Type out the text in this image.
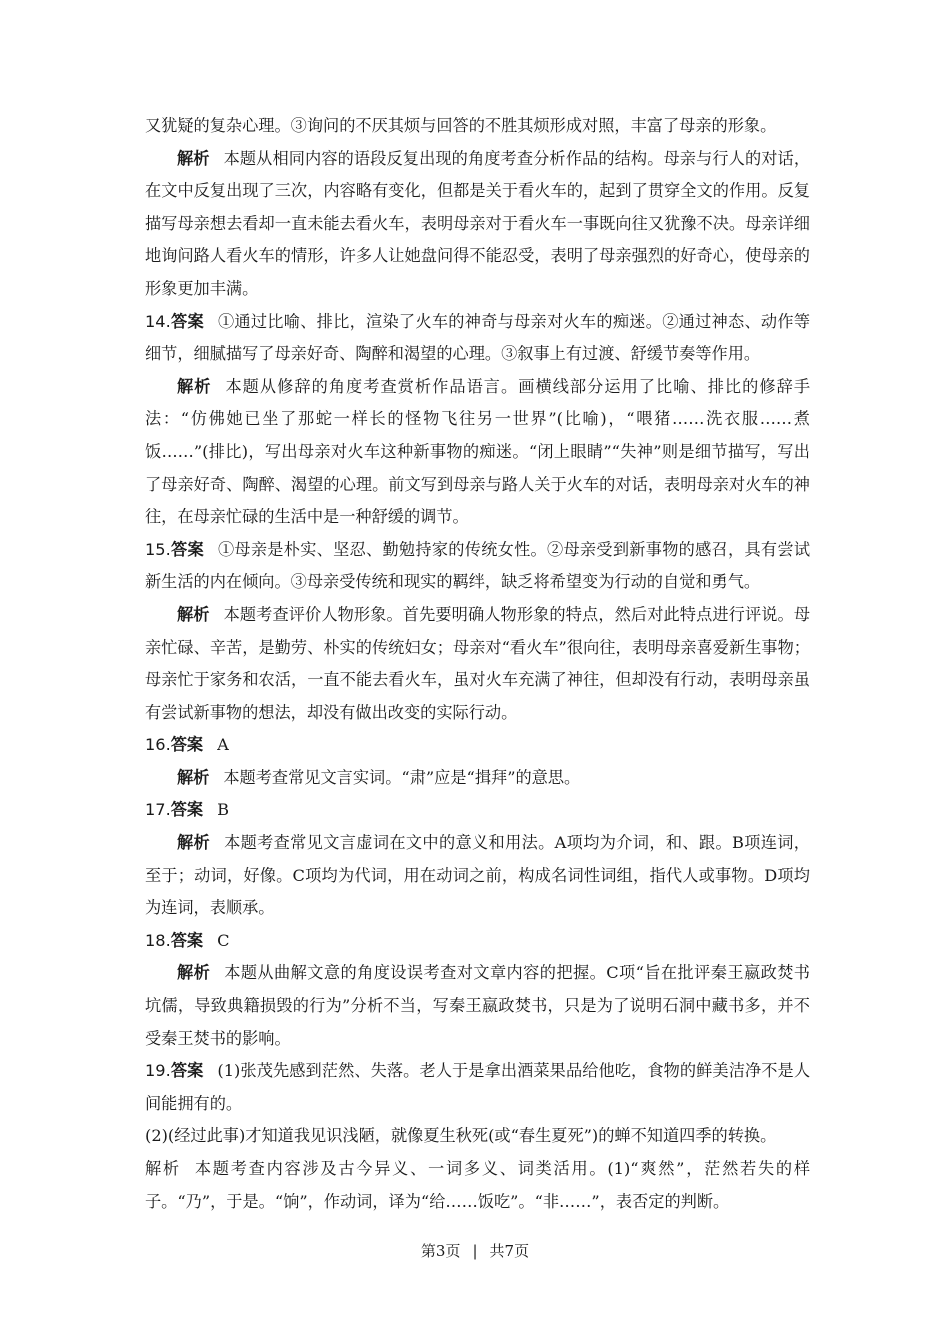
又犹疑的复杂心理。③询问的不厌其烦与回答的不胜其烦形成对照，丰富了母亲的形象。

解析 本题从相同内容的语段反复出现的角度考查分析作品的结构。母亲与行人的对话，在文中反复出现了三次，内容略有变化，但都是关于看火车的，起到了贯穿全文的作用。反复描写母亲想去看却一直未能去看火车，表明母亲对于看火车一事既向往又犹豫不决。母亲详细地询问路人看火车的情形，许多人让她盘问得不能忍受，表明了母亲强烈的好奇心，使母亲的形象更加丰满。

14.答案 ①通过比喻、排比，渲染了火车的神奇与母亲对火车的痴迷。②通过神态、动作等细节，细腻描写了母亲好奇、陶醉和渴望的心理。③叙事上有过渡、舒缓节奏等作用。

解析 本题从修辞的角度考查赏析作品语言。画横线部分运用了比喻、排比的修辞手法：“仿佛她已坐了那蛇一样长的怪物飞往另一世界”(比喻)，“喂猪……洗衣服……煮饭……”(排比)，写出母亲对火车这种新事物的痴迷。“闭上眼睛”“失神”则是细节描写，写出了母亲好奇、陶醉、渴望的心理。前文写到母亲与路人关于火车的对话，表明母亲对火车的神往，在母亲忙碌的生活中是一种舒缓的调节。

15.答案 ①母亲是朴实、坚忍、勤勉持家的传统女性。②母亲受到新事物的感召，具有尝试新生活的内在倾向。③母亲受传统和现实的羁绊，缺乏将希望变为行动的自觉和勇气。

解析 本题考查评价人物形象。首先要明确人物形象的特点，然后对此特点进行评说。母亲忙碌、辛苦，是勤劳、朴实的传统妇女；母亲对“看火车”很向往，表明母亲喜爱新生事物；母亲忙于家务和农活，一直不能去看火车，虽对火车充满了神往，但却没有行动，表明母亲虽有尝试新事物的想法，却没有做出改变的实际行动。

16.答案 A

解析 本题考查常见文言实词。“肃”应是“揖拜”的意思。

17.答案 B

解析 本题考查常见文言虚词在文中的意义和用法。A项均为介词，和、跟。B项连词，至于；动词，好像。C项均为代词，用在动词之前，构成名词性词组，指代人或事物。D项均为连词，表顺承。

18.答案 C

解析 本题从曲解文意的角度设误考查对文章内容的把握。C项“旨在批评秦王嬴政焚书坑儒，导致典籍损毁的行为”分析不当，写秦王嬴政焚书，只是为了说明石洞中藏书多，并不受秦王焚书的影响。

19.答案 (1)张茂先感到茫然、失落。老人于是拿出酒菜果品给他吃，食物的鲜美洁净不是人间能拥有的。

(2)(经过此事)才知道我见识浅陋，就像夏生秋死(或“春生夏死”)的蝉不知道四季的转换。

解析 本题考查内容涉及古今异义、一词多义、词类活用。(1)“爽然”，茫然若失的样子。“乃”，于是。“饷”，作动词，译为“给……饭吃”。“非……”，表否定的判断。

第3页 | 共7页
